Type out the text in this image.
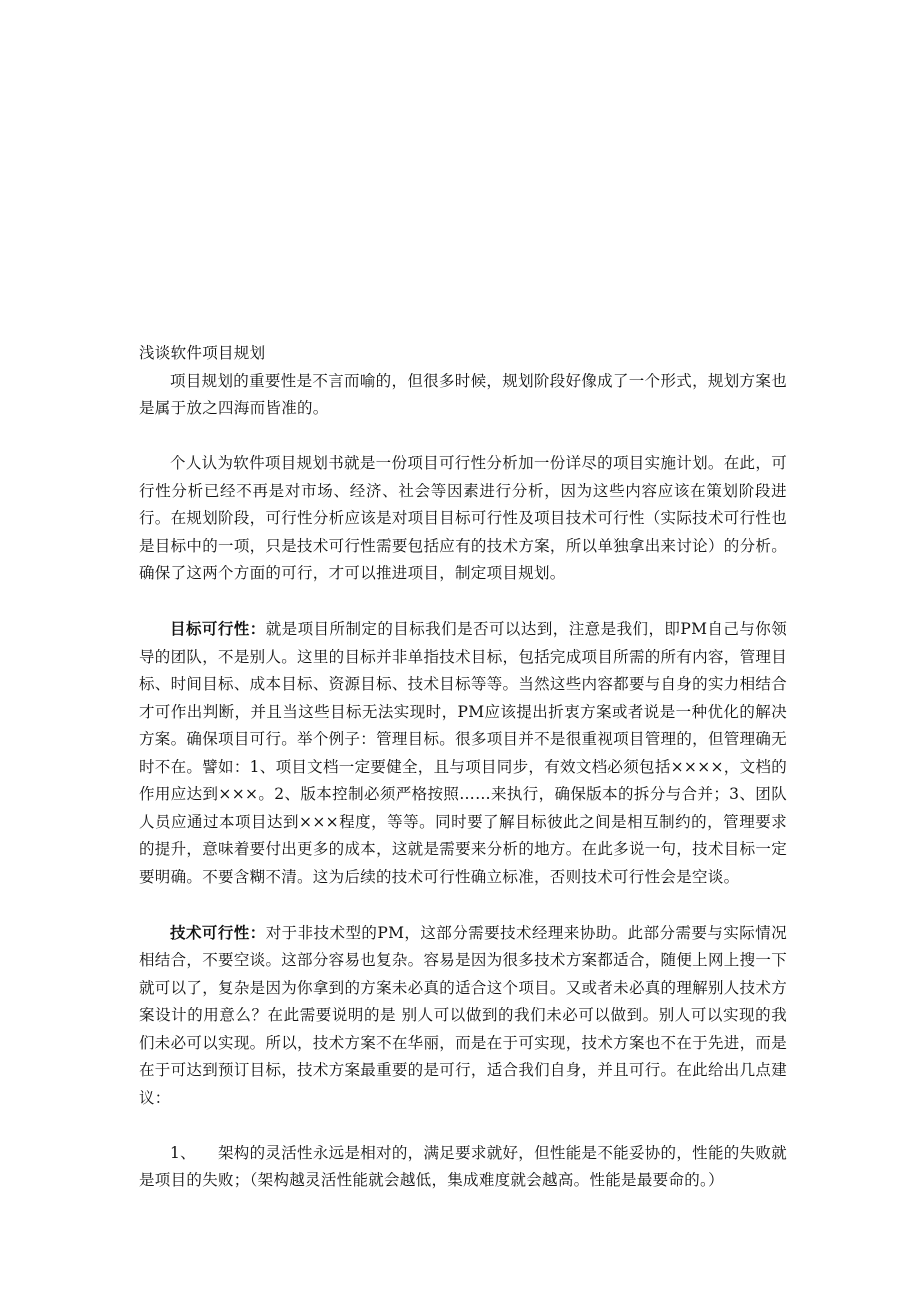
浅谈软件项目规划

项目规划的重要性是不言而喻的，但很多时候，规划阶段好像成了一个形式，规划方案也是属于放之四海而皆准的。

个人认为软件项目规划书就是一份项目可行性分析加一份详尽的项目实施计划。在此，可行性分析已经不再是对市场、经济、社会等因素进行分析，因为这些内容应该在策划阶段进行。在规划阶段，可行性分析应该是对项目目标可行性及项目技术可行性（实际技术可行性也是目标中的一项，只是技术可行性需要包括应有的技术方案，所以单独拿出来讨论）的分析。确保了这两个方面的可行，才可以推进项目，制定项目规划。

目标可行性：就是项目所制定的目标我们是否可以达到，注意是我们，即PM自己与你领导的团队，不是别人。这里的目标并非单指技术目标，包括完成项目所需的所有内容，管理目标、时间目标、成本目标、资源目标、技术目标等等。当然这些内容都要与自身的实力相结合才可作出判断，并且当这些目标无法实现时，PM应该提出折衷方案或者说是一种优化的解决方案。确保项目可行。举个例子：管理目标。很多项目并不是很重视项目管理的，但管理确无时不在。譬如：1、项目文档一定要健全，且与项目同步，有效文档必须包括××××，文档的作用应达到×××。2、版本控制必须严格按照……来执行，确保版本的拆分与合并；3、团队人员应通过本项目达到×××程度，等等。同时要了解目标彼此之间是相互制约的，管理要求的提升，意味着要付出更多的成本，这就是需要来分析的地方。在此多说一句，技术目标一定要明确。不要含糊不清。这为后续的技术可行性确立标准，否则技术可行性会是空谈。

技术可行性：对于非技术型的PM，这部分需要技术经理来协助。此部分需要与实际情况相结合，不要空谈。这部分容易也复杂。容易是因为很多技术方案都适合，随便上网上搜一下就可以了，复杂是因为你拿到的方案未必真的适合这个项目。又或者未必真的理解别人技术方案设计的用意么？在此需要说明的是 别人可以做到的我们未必可以做到。别人可以实现的我们未必可以实现。所以，技术方案不在华丽，而是在于可实现，技术方案也不在于先进，而是在于可达到预订目标，技术方案最重要的是可行，适合我们自身，并且可行。在此给出几点建议：

1、 架构的灵活性永远是相对的，满足要求就好，但性能是不能妥协的，性能的失败就是项目的失败；（架构越灵活性能就会越低，集成难度就会越高。性能是最要命的。）
